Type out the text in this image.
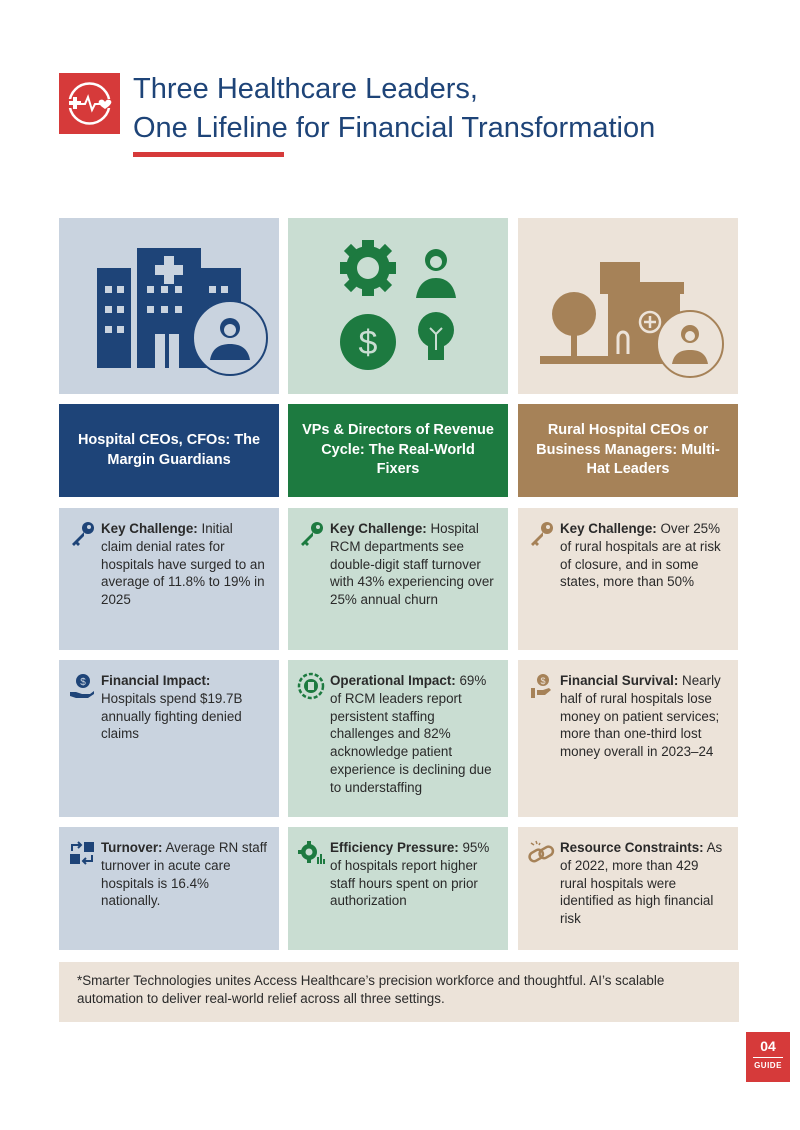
Three Healthcare Leaders,
One Lifeline for Financial Transformation
$
Hospital CEOs, CFOs: The Margin Guardians
VPs & Directors of Revenue Cycle: The Real-World Fixers
Rural Hospital CEOs or Business Managers: Multi-Hat Leaders
Key Challenge: Initial claim denial rates for hospitals have surged to an average of 11.8% to 19% in 2025
Key Challenge: Hospital RCM departments see double-digit staff turnover with 43% experiencing over 25% annual churn
Key Challenge: Over 25% of rural hospitals are at risk of closure, and in some states, more than 50%
$ Financial Impact: Hospitals spend $19.7B annually fighting denied claims
Operational Impact: 69% of RCM leaders report persistent staffing challenges and 82% acknowledge patient experience is declining due to understaffing
$ Financial Survival: Nearly half of rural hospitals lose money on patient services; more than one-third lost money overall in 2023–24
Turnover: Average RN staff turnover in acute care hospitals is 16.4% nationally.
Efficiency Pressure: 95% of hospitals report higher staff hours spent on prior authorization
Resource Constraints: As of 2022, more than 429 rural hospitals were identified as high financial risk
*Smarter Technologies unites Access Healthcare’s precision workforce and thoughtful. AI’s scalable automation to deliver real-world relief across all three settings.
04
GUIDE
